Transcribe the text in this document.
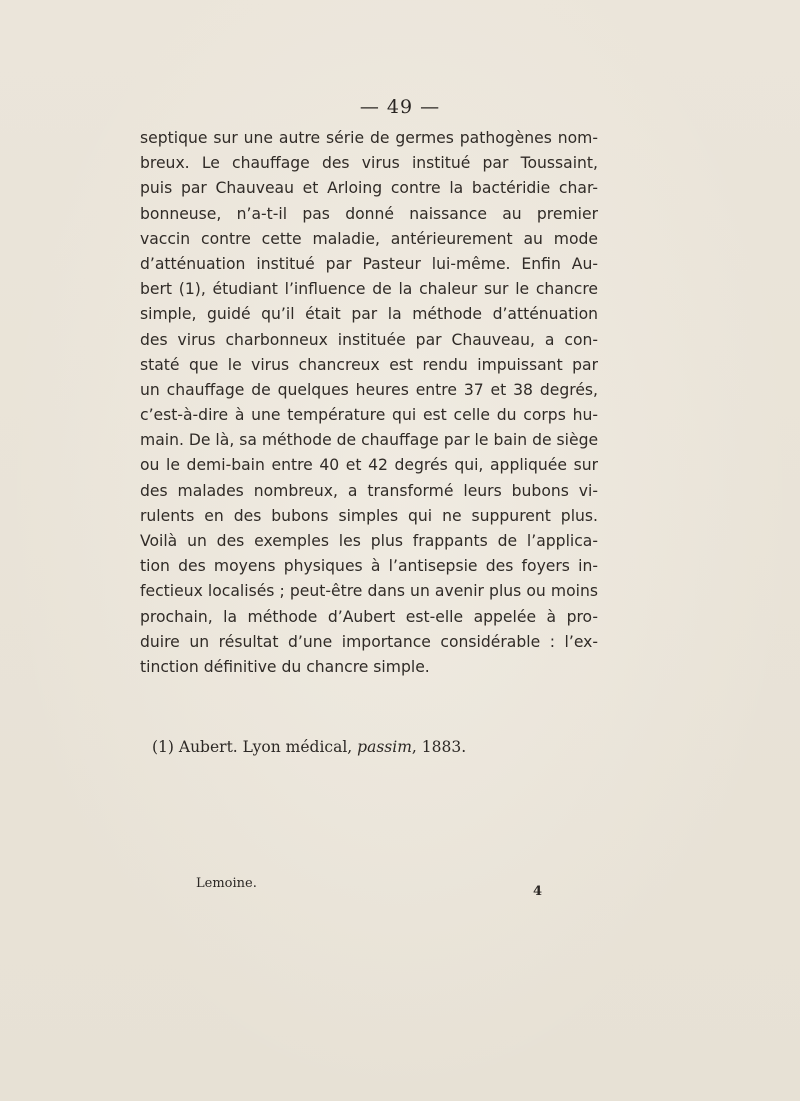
— 49 —
septique sur une autre série de germes pathogènes nom-
breux. Le chauffage des virus institué par Toussaint,
puis par Chauveau et Arloing contre la bactéridie char-
bonneuse, n’a-t-il pas donné naissance au premier
vaccin contre cette maladie, antérieurement au mode
d’atténuation institué par Pasteur lui-même. Enfin Au-
bert (1), étudiant l’influence de la chaleur sur le chancre
simple, guidé qu’il était par la méthode d’atténuation
des virus charbonneux instituée par Chauveau, a con-
staté que le virus chancreux est rendu impuissant par
un chauffage de quelques heures entre 37 et 38 degrés,
c’est-à-dire à une température qui est celle du corps hu-
main. De là, sa méthode de chauffage par le bain de siège
ou le demi-bain entre 40 et 42 degrés qui, appliquée sur
des malades nombreux, a transformé leurs bubons vi-
rulents en des bubons simples qui ne suppurent plus.
Voilà un des exemples les plus frappants de l’applica-
tion des moyens physiques à l’antisepsie des foyers in-
fectieux localisés ; peut-être dans un avenir plus ou moins
prochain, la méthode d’Aubert est-elle appelée à pro-
duire un résultat d’une importance considérable : l’ex-
tinction définitive du chancre simple.

(1) Aubert. Lyon médical, passim, 1883.

Lemoine.

4
